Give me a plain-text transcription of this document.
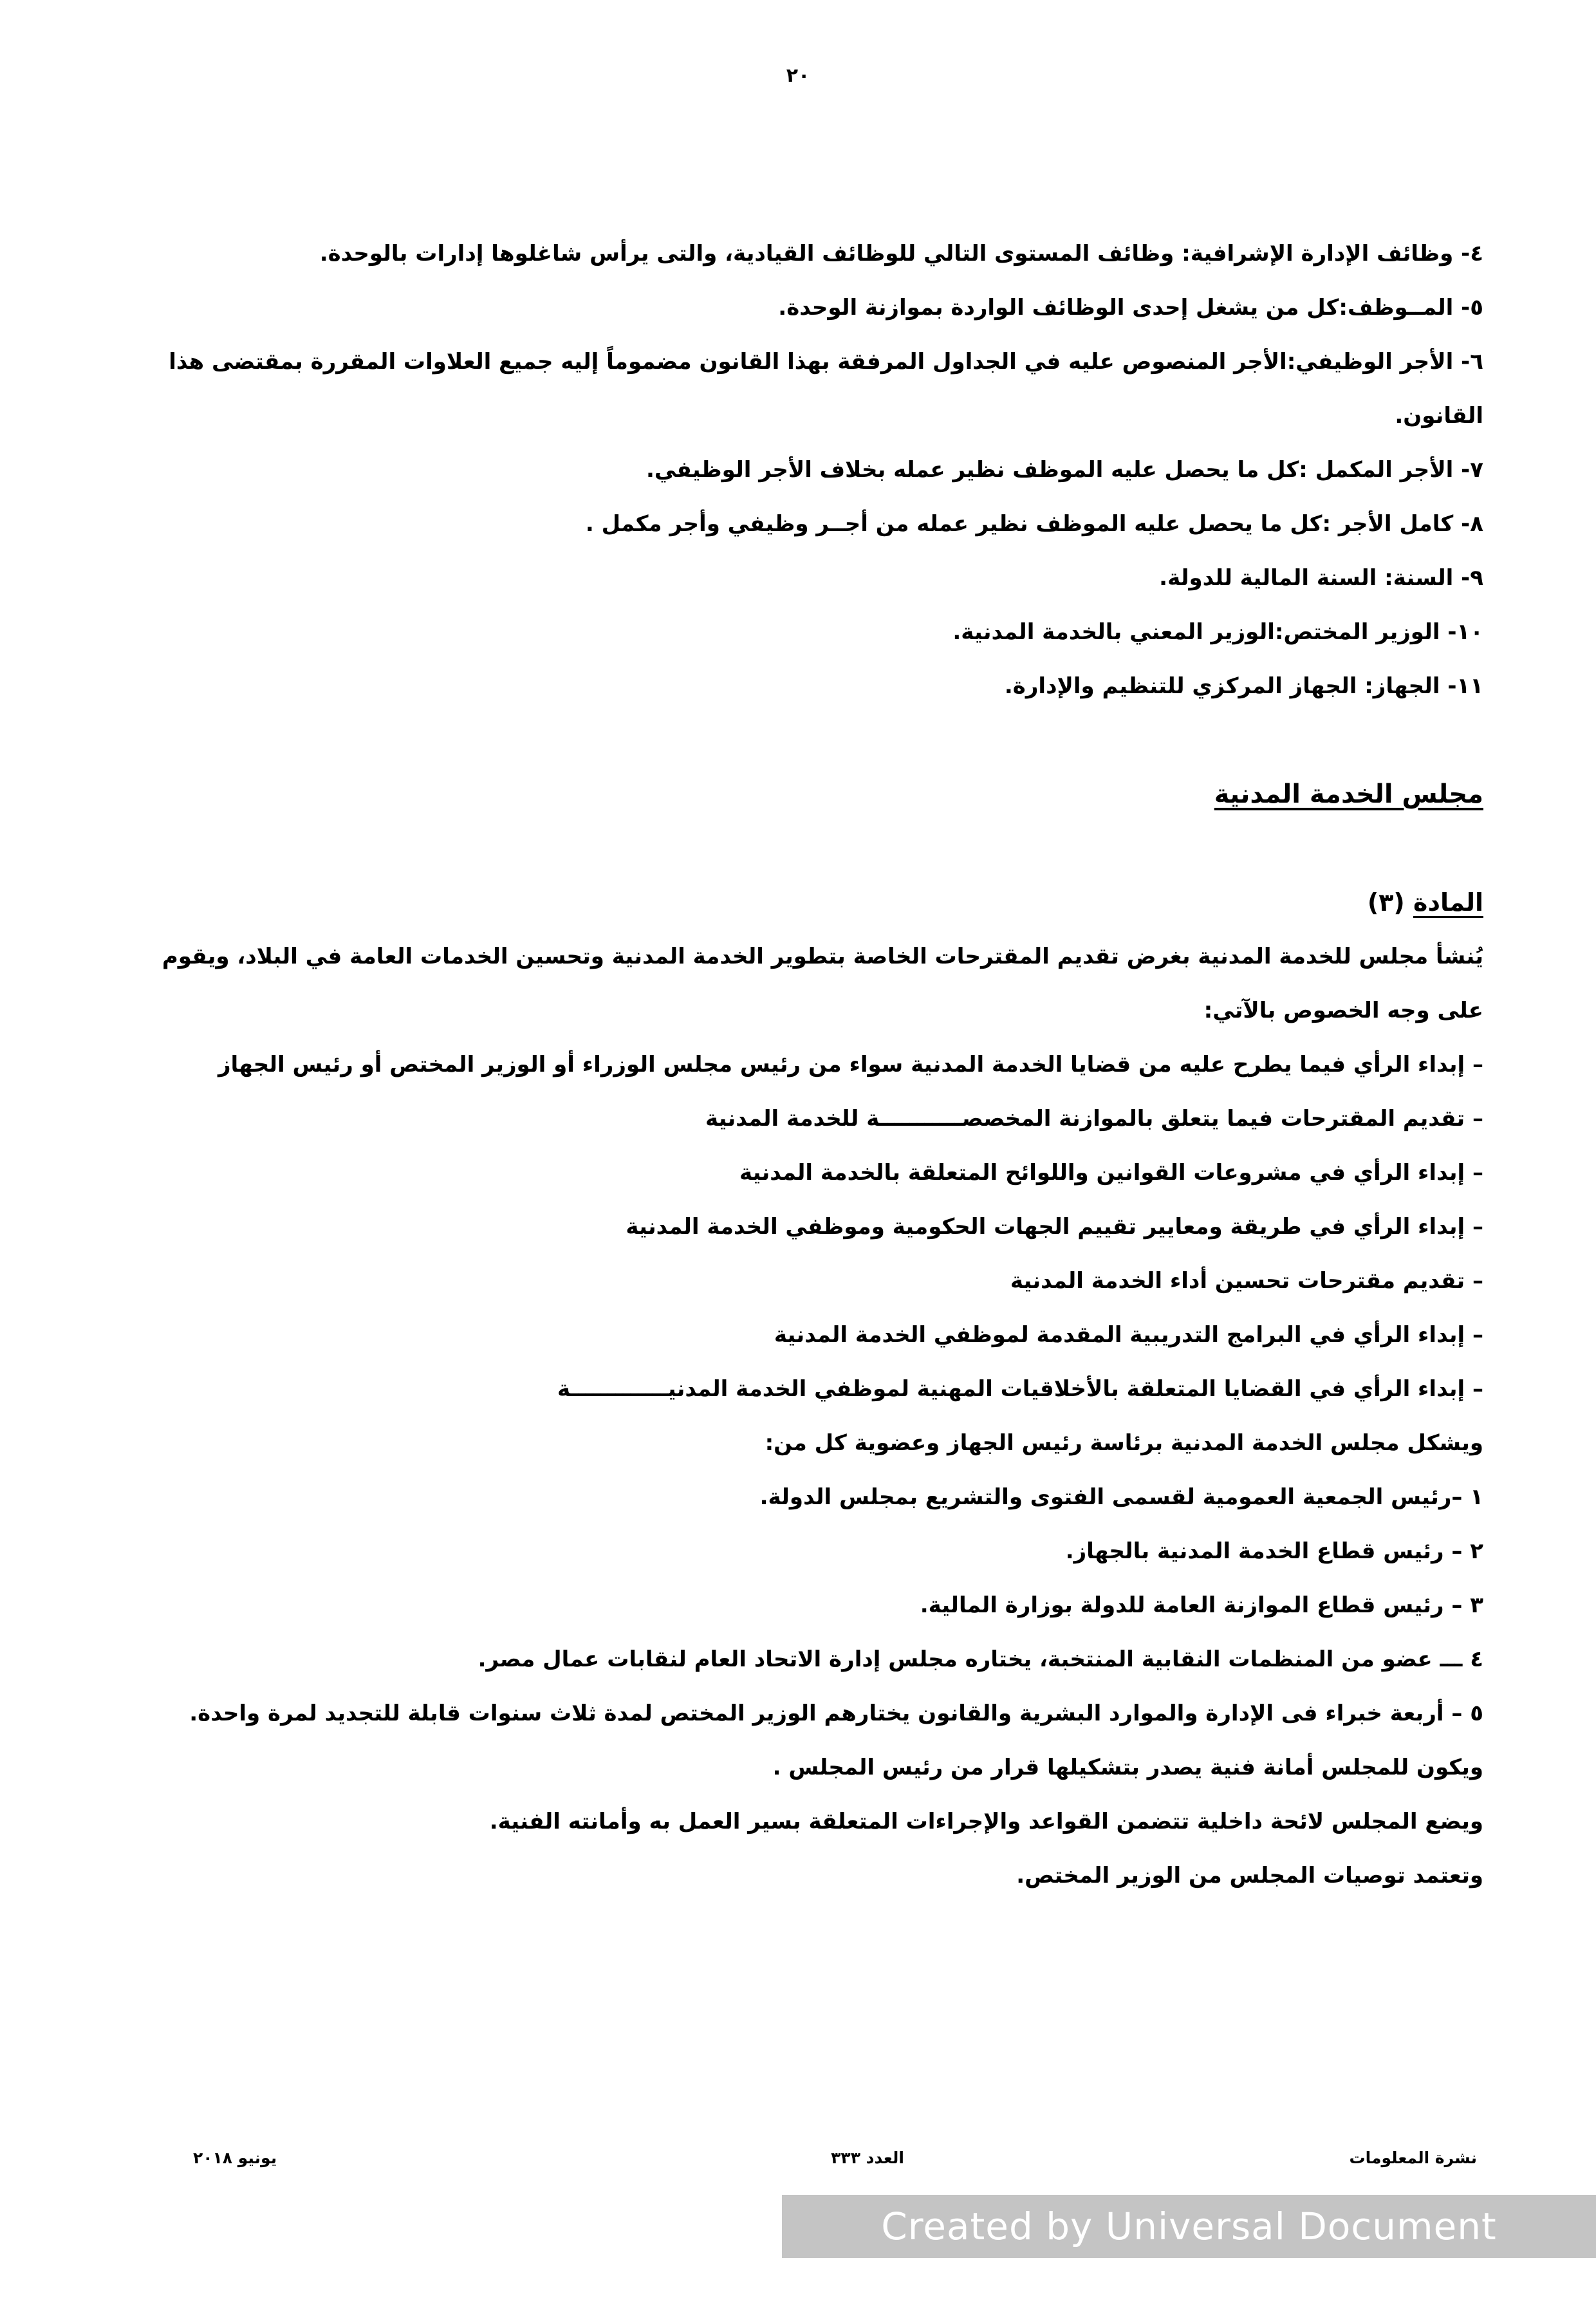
٢٠

٤- وظائف الإدارة الإشرافية: وظائف المستوى التالي للوظائف القيادية، والتى يرأس شاغلوها إدارات بالوحدة.

٥- المــوظف:كل من يشغل إحدى الوظائف الواردة بموازنة الوحدة.

٦- الأجر الوظيفي:الأجر المنصوص عليه في الجداول المرفقة بهذا القانون مضموماً إليه جميع العلاوات المقررة بمقتضى هذا القانون.

٧- الأجر المكمل :كل ما يحصل عليه الموظف نظير عمله بخلاف الأجر الوظيفي.

٨- كامل الأجر :كل ما يحصل عليه الموظف نظير عمله من أجــر وظيفي وأجر مكمل .

٩- السنة: السنة المالية للدولة.

١٠- الوزير المختص:الوزير المعني بالخدمة المدنية.

١١- الجهاز: الجهاز المركزي للتنظيم والإدارة.

مجلس الخدمة المدنية

المادة (٣)

يُنشأ مجلس للخدمة المدنية بغرض تقديم المقترحات الخاصة بتطوير الخدمة المدنية وتحسين الخدمات العامة في البلاد، ويقوم على وجه الخصوص بالآتي:

– إبداء الرأي فيما يطرح عليه من قضايا الخدمة المدنية سواء من رئيس مجلس الوزراء أو الوزير المختص أو رئيس الجهاز

– تقديم المقترحات فيما يتعلق بالموازنة المخصصـــــــــــة للخدمة المدنية

– إبداء الرأي في مشروعات القوانين واللوائح المتعلقة بالخدمة المدنية

– إبداء الرأي في طريقة ومعايير تقييم الجهات الحكومية وموظفي الخدمة المدنية

– تقديم مقترحات تحسين أداء الخدمة المدنية

– إبداء الرأي في البرامج التدريبية المقدمة لموظفي الخدمة المدنية

– إبداء الرأي في القضايا المتعلقة بالأخلاقيات المهنية لموظفي الخدمة المدنيـــــــــــــة

ويشكل مجلس الخدمة المدنية برئاسة رئيس الجهاز وعضوية كل من:

١ –رئيس الجمعية العمومية لقسمى الفتوى والتشريع بمجلس الدولة.

٢ – رئيس قطاع الخدمة المدنية بالجهاز.

٣ – رئيس قطاع الموازنة العامة للدولة بوزارة المالية.

٤ ـــ عضو من المنظمات النقابية المنتخبة، يختاره مجلس إدارة الاتحاد العام لنقابات عمال مصر.

٥ – أربعة خبراء فى الإدارة والموارد البشرية والقانون يختارهم الوزير المختص لمدة ثلاث سنوات قابلة للتجديد لمرة واحدة.

ويكون للمجلس أمانة فنية يصدر بتشكيلها قرار من رئيس المجلس .

ويضع المجلس لائحة داخلية تتضمن القواعد والإجراءات المتعلقة بسير العمل به وأمانته الفنية.

وتعتمد توصيات المجلس من الوزير المختص.

نشرة المعلومات
العدد ٣٣٣
يونيو ٢٠١٨
Created by Universal Document Converter
